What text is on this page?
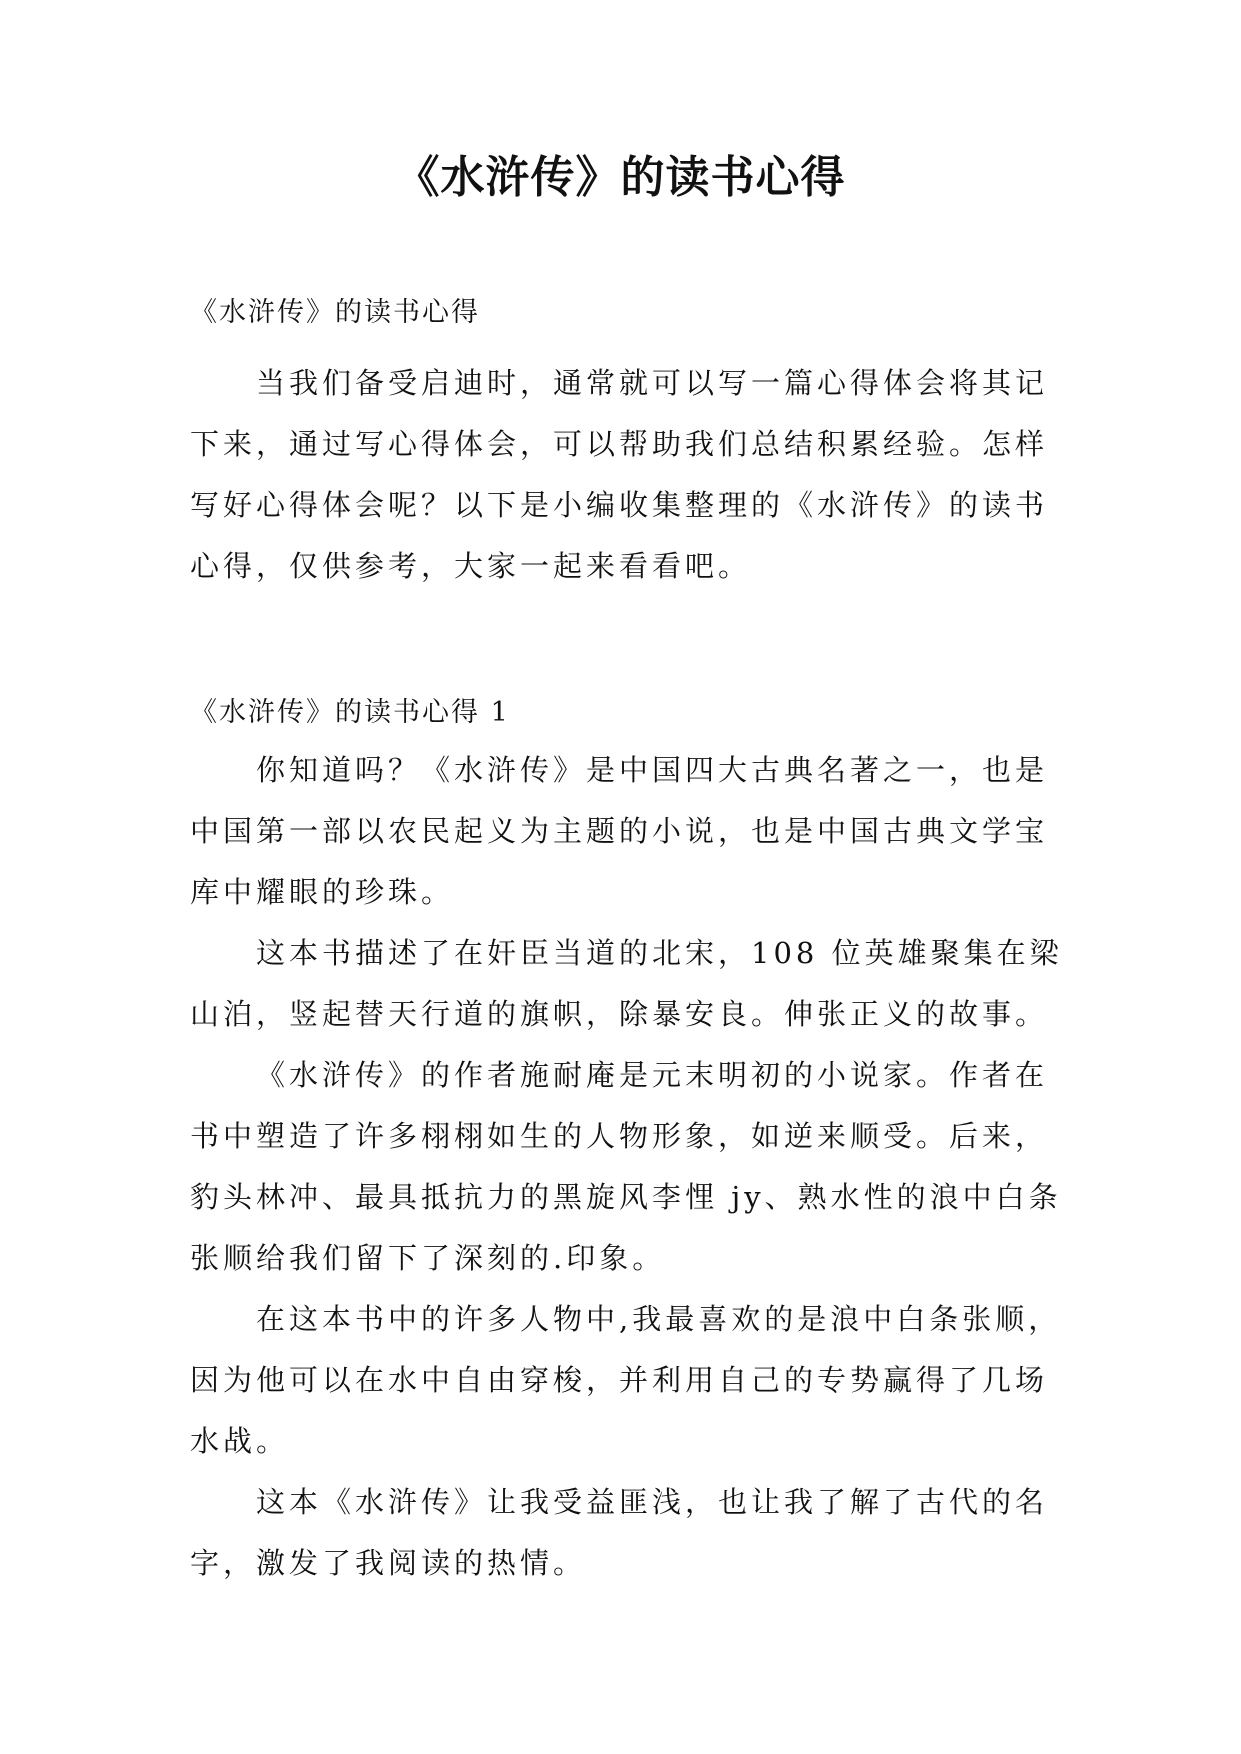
《水浒传》的读书心得
《水浒传》的读书心得
当我们备受启迪时，通常就可以写一篇心得体会将其记
下来，通过写心得体会，可以帮助我们总结积累经验。怎样
写好心得体会呢？以下是小编收集整理的《水浒传》的读书
心得，仅供参考，大家一起来看看吧。
《水浒传》的读书心得 1
你知道吗？《水浒传》是中国四大古典名著之一，也是
中国第一部以农民起义为主题的小说，也是中国古典文学宝
库中耀眼的珍珠。
这本书描述了在奸臣当道的北宋，108 位英雄聚集在梁
山泊，竖起替天行道的旗帜，除暴安良。伸张正义的故事。
《水浒传》的作者施耐庵是元末明初的小说家。作者在
书中塑造了许多栩栩如生的人物形象，如逆来顺受。后来，
豹头林冲、最具抵抗力的黑旋风李悝 jy、熟水性的浪中白条
张顺给我们留下了深刻的.印象。
在这本书中的许多人物中,我最喜欢的是浪中白条张顺，
因为他可以在水中自由穿梭，并利用自己的专势赢得了几场
水战。
这本《水浒传》让我受益匪浅，也让我了解了古代的名
字，激发了我阅读的热情。
